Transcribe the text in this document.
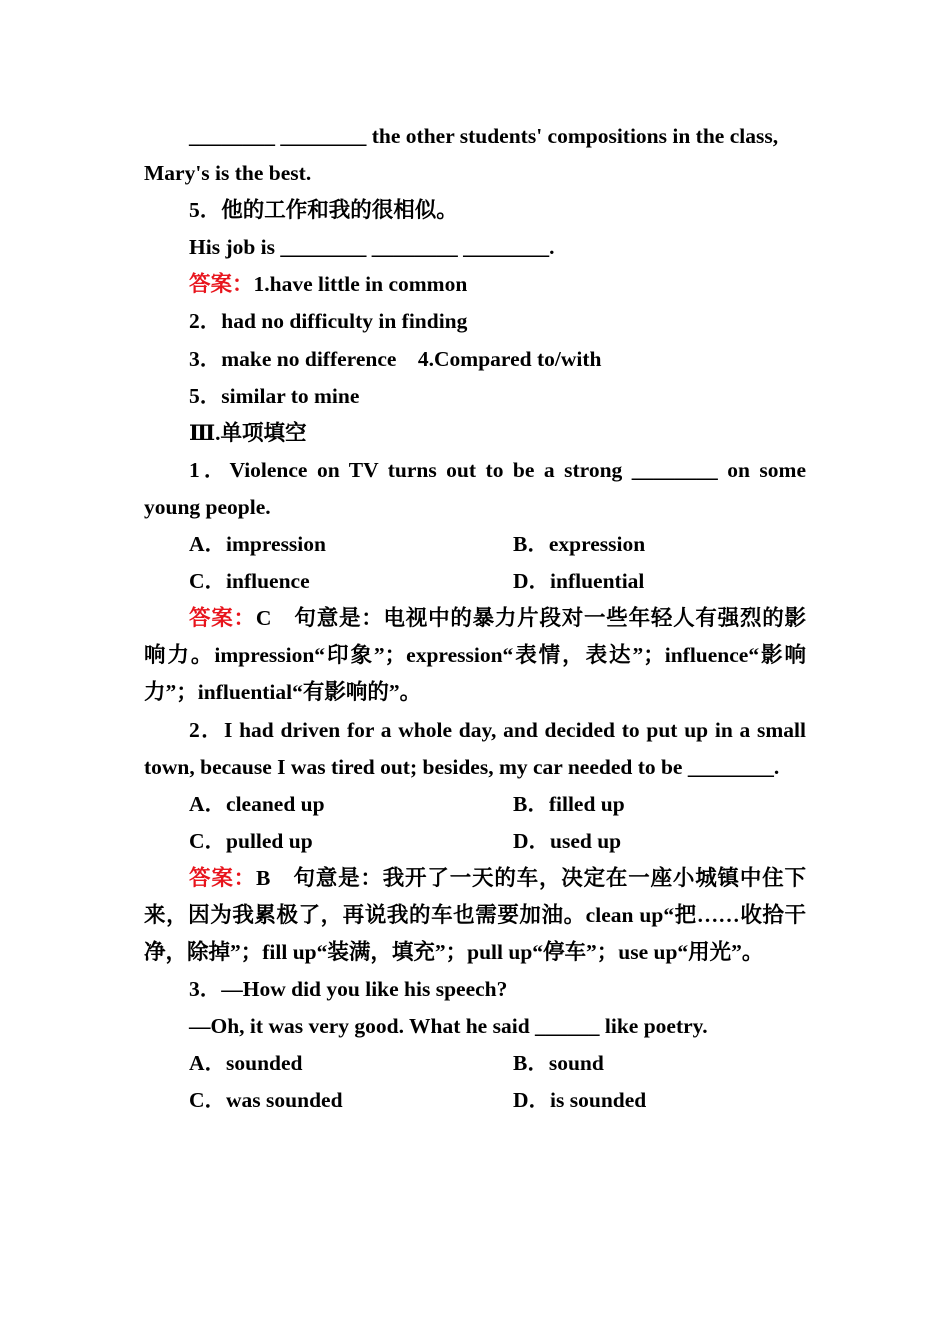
________ ________ the other students' compositions in the class,

Mary's is the best.

5．他的工作和我的很相似。

His job is ________ ________ ________.

答案：1.have little in common

2．had no difficulty in finding

3．make no difference　4.Compared to/with

5．similar to mine

Ⅲ.单项填空

1．Violence on TV turns out to be a strong ________ on some young people.

A．impression	B．expression
C．influence	D．influential

答案：C　句意是：电视中的暴力片段对一些年轻人有强烈的影响力。impression“印象”；expression“表情，表达”；influence“影响力”；influential“有影响的”。

2．I had driven for a whole day, and decided to put up in a small town, because I was tired out; besides, my car needed to be ________.

A．cleaned up	B．filled up
C．pulled up	D．used up

答案：B　句意是：我开了一天的车，决定在一座小城镇中住下来，因为我累极了，再说我的车也需要加油。clean up“把……收拾干净，除掉”；fill up“装满，填充”；pull up“停车”；use up“用光”。

3．—How did you like his speech?

—Oh, it was very good. What he said ______ like poetry.

A．sounded	B．sound
C．was sounded	D．is sounded
